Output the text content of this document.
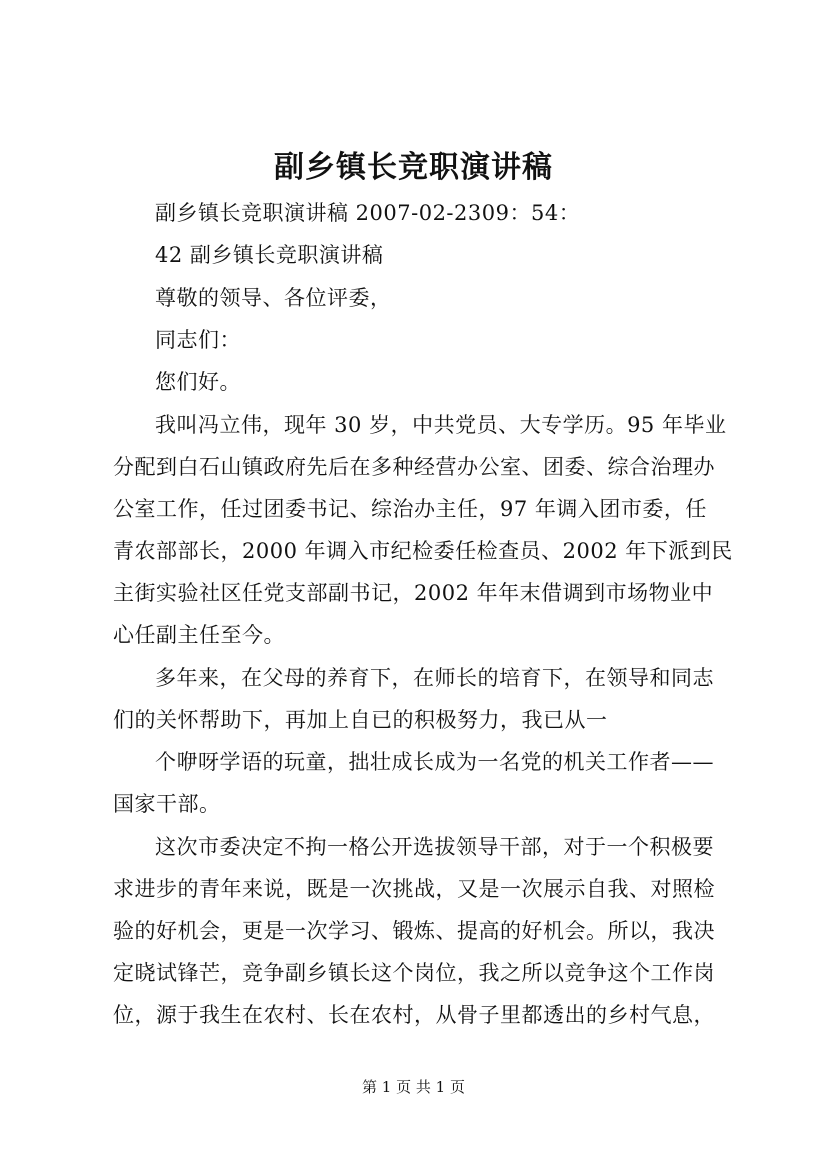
副乡镇长竞职演讲稿
副乡镇长竞职演讲稿 2007-02-2309：54：
42 副乡镇长竞职演讲稿
尊敬的领导、各位评委，
同志们：
您们好。
我叫冯立伟，现年 30 岁，中共党员、大专学历。95 年毕业
分配到白石山镇政府先后在多种经营办公室、团委、综合治理办
公室工作，任过团委书记、综治办主任，97 年调入团市委，任
青农部部长，2000 年调入市纪检委任检查员、2002 年下派到民
主街实验社区任党支部副书记，2002 年年末借调到市场物业中
心任副主任至今。
多年来，在父母的养育下，在师长的培育下，在领导和同志
们的关怀帮助下，再加上自已的积极努力，我已从一
个咿呀学语的玩童，拙壮成长成为一名党的机关工作者——
国家干部。
这次市委决定不拘一格公开选拔领导干部，对于一个积极要
求进步的青年来说，既是一次挑战，又是一次展示自我、对照检
验的好机会，更是一次学习、锻炼、提高的好机会。所以，我决
定晓试锋芒，竞争副乡镇长这个岗位，我之所以竞争这个工作岗
位，源于我生在农村、长在农村，从骨子里都透出的乡村气息，
第 1 页 共 1 页
